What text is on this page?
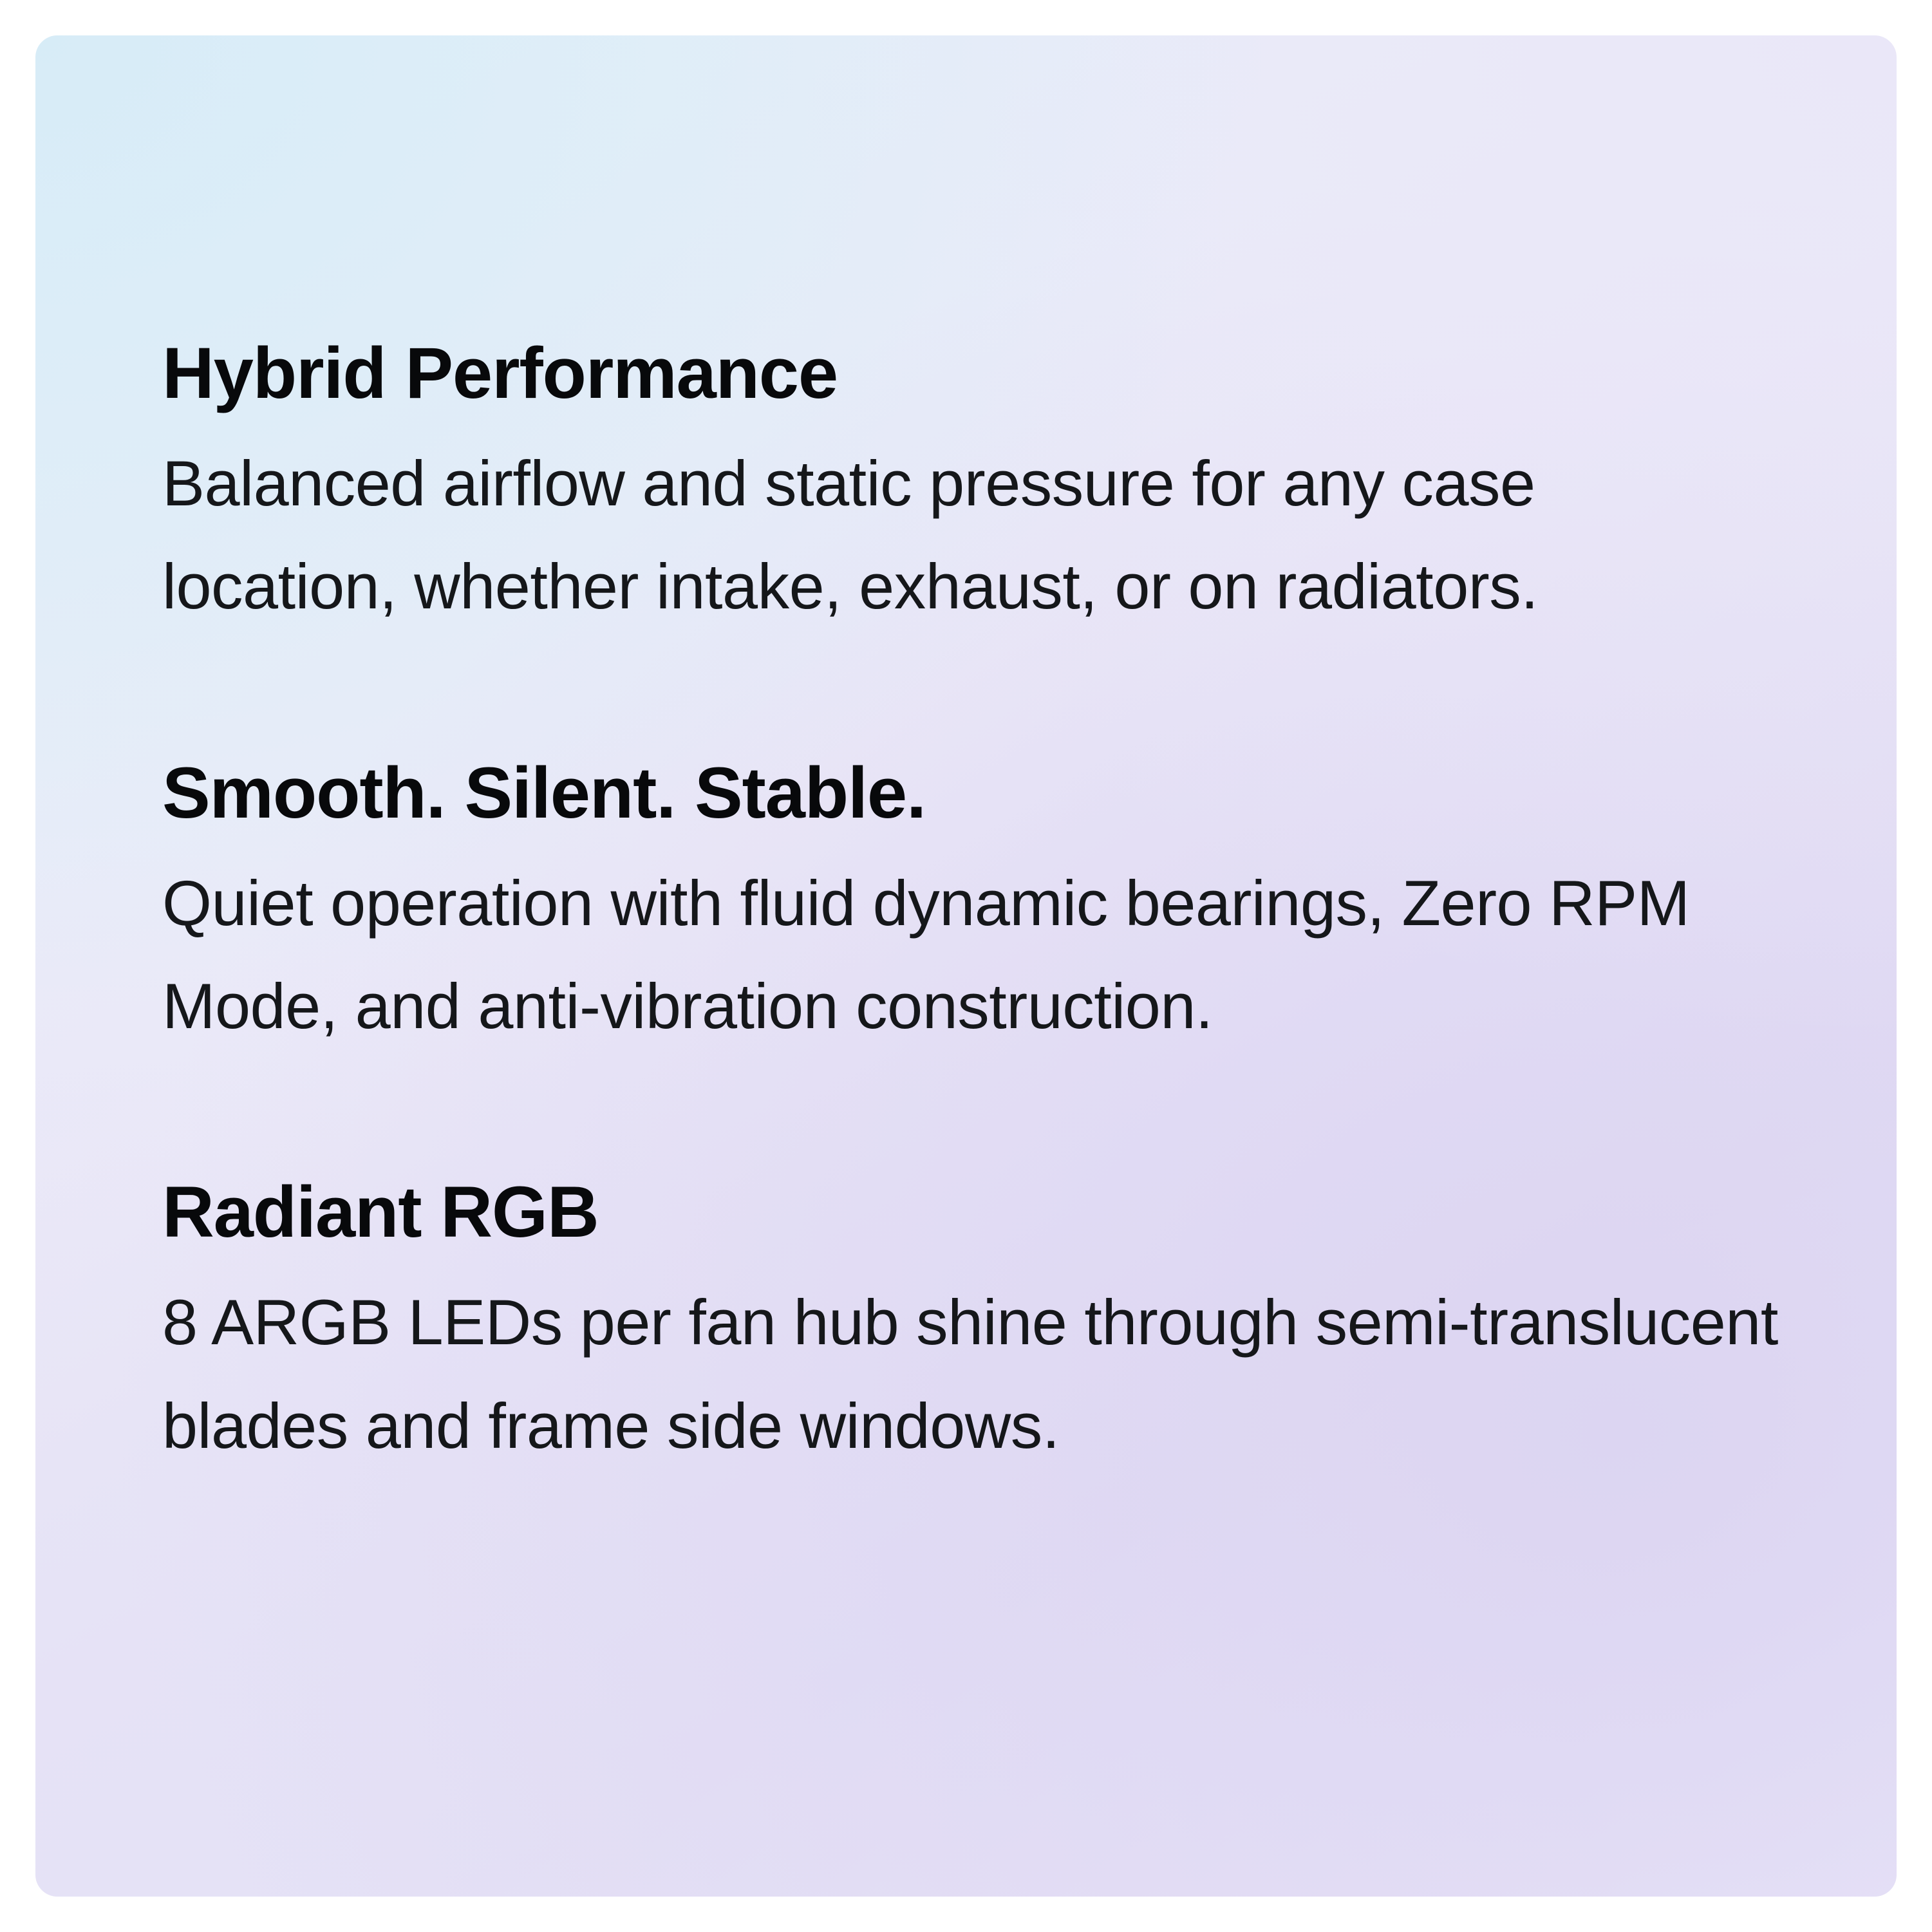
Hybrid Performance

Balanced airflow and static pressure for any case location, whether intake, exhaust, or on radiators.

Smooth. Silent. Stable.

Quiet operation with fluid dynamic bearings, Zero RPM Mode, and anti-vibration construction.

Radiant RGB

8 ARGB LEDs per fan hub shine through semi-translucent blades and frame side windows.
